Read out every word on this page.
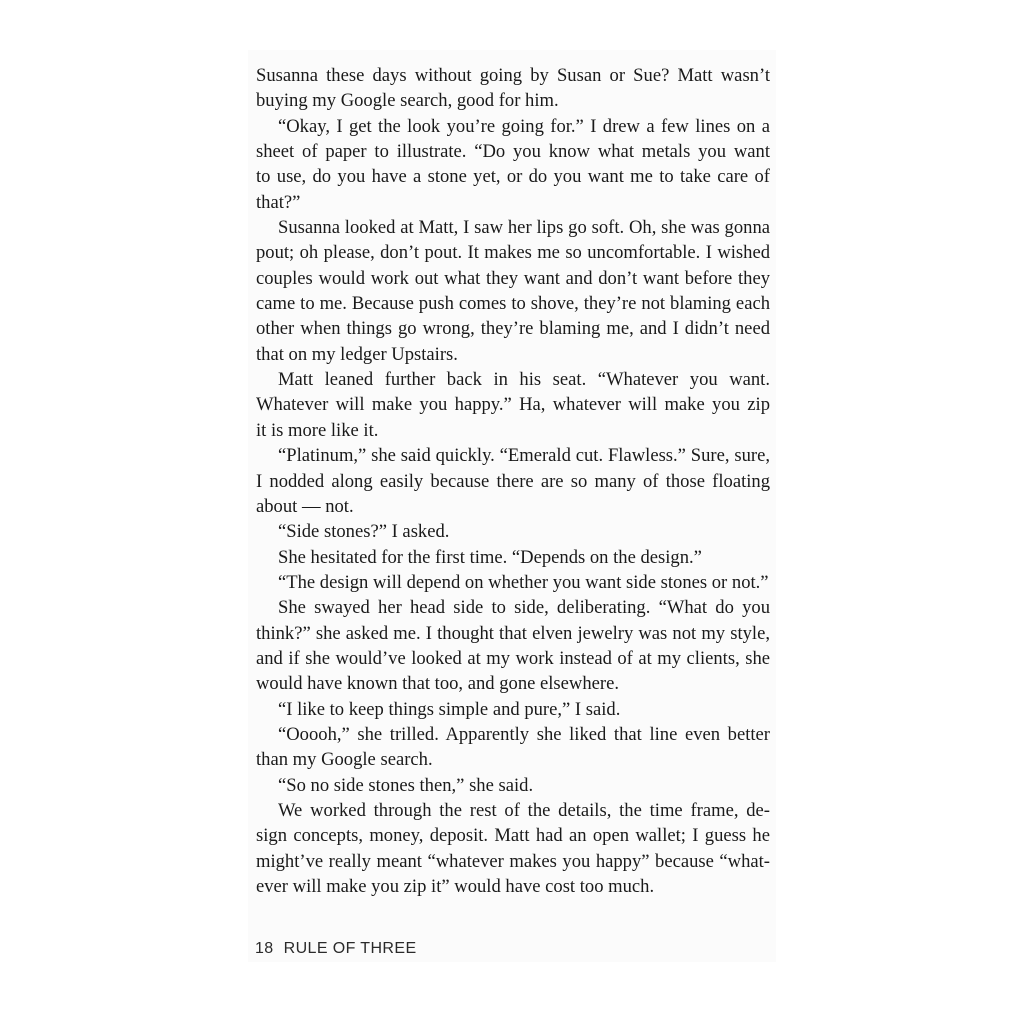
Susanna these days without going by Susan or Sue? Matt wasn’t
buying my Google search, good for him.
“Okay, I get the look you’re going for.” I drew a few lines on a
sheet of paper to illustrate. “Do you know what metals you want
to use, do you have a stone yet, or do you want me to take care of
that?”
Susanna looked at Matt, I saw her lips go soft. Oh, she was gonna
pout; oh please, don’t pout. It makes me so uncomfortable. I wished
couples would work out what they want and don’t want before they
came to me. Because push comes to shove, they’re not blaming each
other when things go wrong, they’re blaming me, and I didn’t need
that on my ledger Upstairs.
Matt leaned further back in his seat. “Whatever you want.
Whatever will make you happy.” Ha, whatever will make you zip
it is more like it.
“Platinum,” she said quickly. “Emerald cut. Flawless.” Sure, sure,
I nodded along easily because there are so many of those floating
about — not.
“Side stones?” I asked.
She hesitated for the first time. “Depends on the design.”
“The design will depend on whether you want side stones or not.”
She swayed her head side to side, deliberating. “What do you
think?” she asked me. I thought that elven jewelry was not my style,
and if she would’ve looked at my work instead of at my clients, she
would have known that too, and gone elsewhere.
“I like to keep things simple and pure,” I said.
“Ooooh,” she trilled. Apparently she liked that line even better
than my Google search.
“So no side stones then,” she said.
We worked through the rest of the details, the time frame, de-
sign concepts, money, deposit. Matt had an open wallet; I guess he
might’ve really meant “whatever makes you happy” because “what-
ever will make you zip it” would have cost too much.
18 RULE OF THREE
